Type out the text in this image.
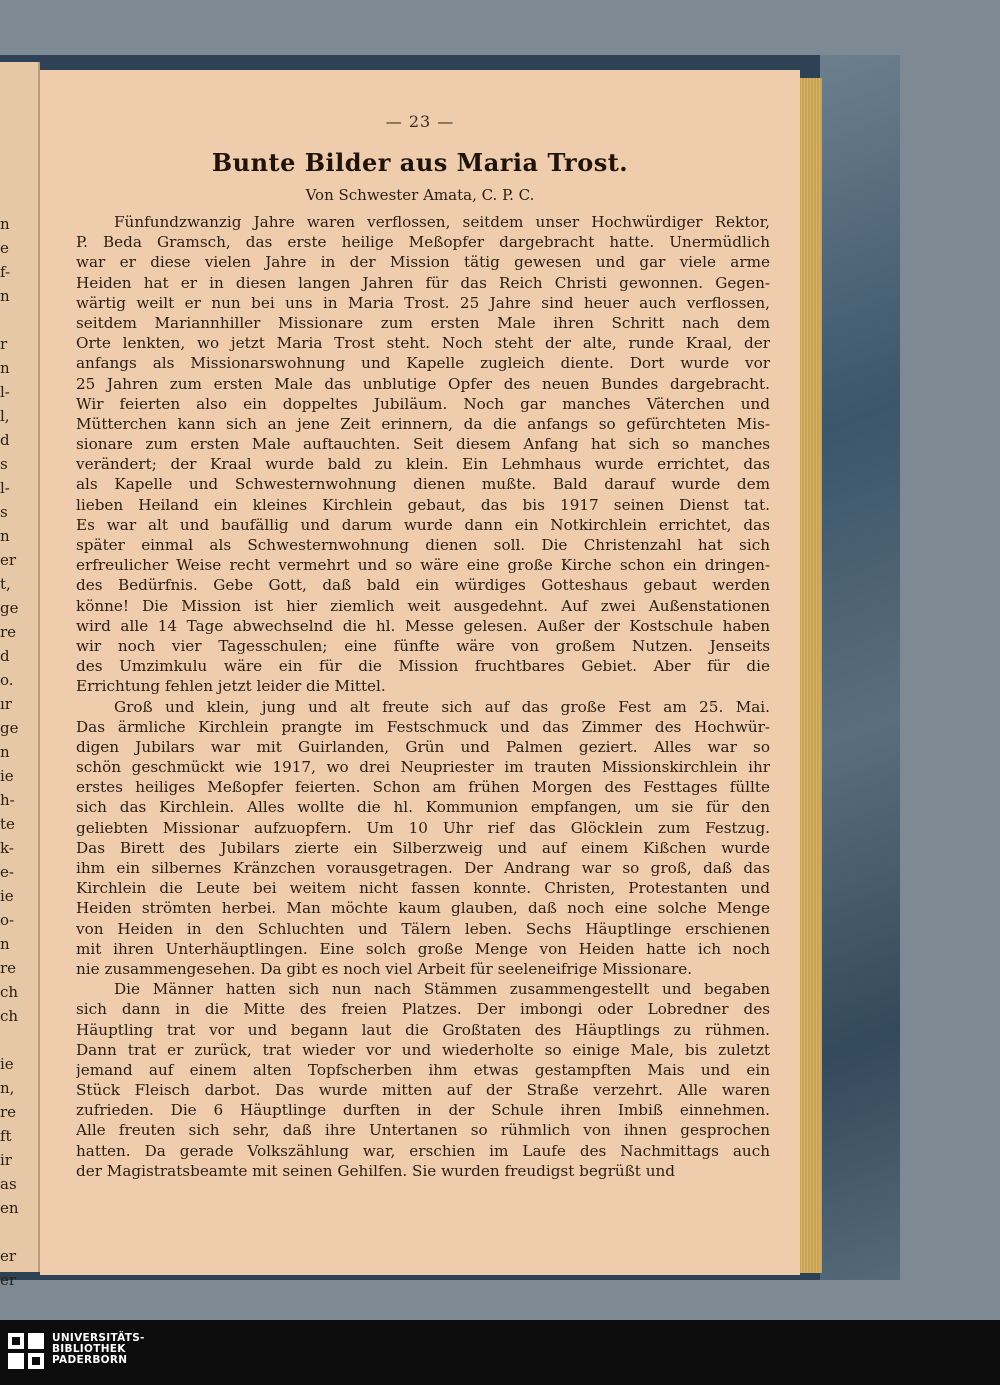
n
e
f-
n
r
n
l-
l,
d
s
l-
s
n
er
t,
ge
re
d
o.
ır
ge
n
ie
h-
te
k-
e-
ie
o-
n
re
ch
ch
ie
n,
re
ft
ir
as
en
er
er
— 23 —
Bunte Bilder aus Maria Trost.
Von Schwester Amata, C. P. C.
Fünfundzwanzig Jahre waren verflossen, seitdem unser Hochwürdiger Rektor,
P. Beda Gramsch, das erste heilige Meßopfer dargebracht hatte. Unermüdlich
war er diese vielen Jahre in der Mission tätig gewesen und gar viele arme
Heiden hat er in diesen langen Jahren für das Reich Christi gewonnen. Gegen-
wärtig weilt er nun bei uns in Maria Trost. 25 Jahre sind heuer auch verflossen,
seitdem Mariannhiller Missionare zum ersten Male ihren Schritt nach dem
Orte lenkten, wo jetzt Maria Trost steht. Noch steht der alte, runde Kraal, der
anfangs als Missionarswohnung und Kapelle zugleich diente. Dort wurde vor
25 Jahren zum ersten Male das unblutige Opfer des neuen Bundes dargebracht.
Wir feierten also ein doppeltes Jubiläum. Noch gar manches Väterchen und
Mütterchen kann sich an jene Zeit erinnern, da die anfangs so gefürchteten Mis-
sionare zum ersten Male auftauchten. Seit diesem Anfang hat sich so manches
verändert; der Kraal wurde bald zu klein. Ein Lehmhaus wurde errichtet, das
als Kapelle und Schwesternwohnung dienen mußte. Bald darauf wurde dem
lieben Heiland ein kleines Kirchlein gebaut, das bis 1917 seinen Dienst tat.
Es war alt und baufällig und darum wurde dann ein Notkirchlein errichtet, das
später einmal als Schwesternwohnung dienen soll. Die Christenzahl hat sich
erfreulicher Weise recht vermehrt und so wäre eine große Kirche schon ein dringen-
des Bedürfnis. Gebe Gott, daß bald ein würdiges Gotteshaus gebaut werden
könne! Die Mission ist hier ziemlich weit ausgedehnt. Auf zwei Außenstationen
wird alle 14 Tage abwechselnd die hl. Messe gelesen. Außer der Kostschule haben
wir noch vier Tagesschulen; eine fünfte wäre von großem Nutzen. Jenseits
des Umzimkulu wäre ein für die Mission fruchtbares Gebiet. Aber für die
Errichtung fehlen jetzt leider die Mittel.
Groß und klein, jung und alt freute sich auf das große Fest am 25. Mai.
Das ärmliche Kirchlein prangte im Festschmuck und das Zimmer des Hochwür-
digen Jubilars war mit Guirlanden, Grün und Palmen geziert. Alles war so
schön geschmückt wie 1917, wo drei Neupriester im trauten Missionskirchlein ihr
erstes heiliges Meßopfer feierten. Schon am frühen Morgen des Festtages füllte
sich das Kirchlein. Alles wollte die hl. Kommunion empfangen, um sie für den
geliebten Missionar aufzuopfern. Um 10 Uhr rief das Glöcklein zum Festzug.
Das Birett des Jubilars zierte ein Silberzweig und auf einem Kißchen wurde
ihm ein silbernes Kränzchen vorausgetragen. Der Andrang war so groß, daß das
Kirchlein die Leute bei weitem nicht fassen konnte. Christen, Protestanten und
Heiden strömten herbei. Man möchte kaum glauben, daß noch eine solche Menge
von Heiden in den Schluchten und Tälern leben. Sechs Häuptlinge erschienen
mit ihren Unterhäuptlingen. Eine solch große Menge von Heiden hatte ich noch
nie zusammengesehen. Da gibt es noch viel Arbeit für seeleneifrige Missionare.
Die Männer hatten sich nun nach Stämmen zusammengestellt und begaben
sich dann in die Mitte des freien Platzes. Der imbongi oder Lobredner des
Häuptling trat vor und begann laut die Großtaten des Häuptlings zu rühmen.
Dann trat er zurück, trat wieder vor und wiederholte so einige Male, bis zuletzt
jemand auf einem alten Topfscherben ihm etwas gestampften Mais und ein
Stück Fleisch darbot. Das wurde mitten auf der Straße verzehrt. Alle waren
zufrieden. Die 6 Häuptlinge durften in der Schule ihren Imbiß einnehmen.
Alle freuten sich sehr, daß ihre Untertanen so rühmlich von ihnen gesprochen
hatten. Da gerade Volkszählung war, erschien im Laufe des Nachmittags auch
der Magistratsbeamte mit seinen Gehilfen. Sie wurden freudigst begrüßt und
UNIVERSITÄTS-
BIBLIOTHEK
PADERBORN
